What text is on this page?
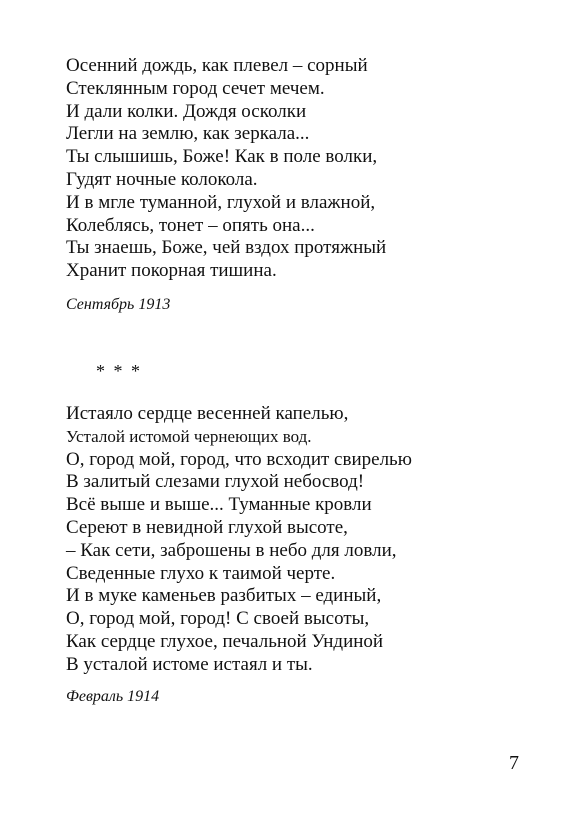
Осенний дождь, как плевел – сорный
Стеклянным город сечет мечем.
И дали колки. Дождя осколки
Легли на землю, как зеркала...
Ты слышишь, Боже! Как в поле волки,
Гудят ночные колокола.
И в мгле туманной, глухой и влажной,
Колеблясь, тонет – опять она...
Ты знаешь, Боже, чей вздох протяжный
Хранит покорная тишина.
Сентябрь 1913
* * *
Истаяло сердце весенней капелью,
Усталой истомой чернеющих вод.
О, город мой, город, что всходит свирелью
В залитый слезами глухой небосвод!
Всё выше и выше... Туманные кровли
Сереют в невидной глухой высоте,
– Как сети, заброшены в небо для ловли,
Сведенные глухо к таимой черте.
И в муке каменьев разбитых – единый,
О, город мой, город! С своей высоты,
Как сердце глухое, печальной Ундиной
В усталой истоме истаял и ты.
Февраль 1914
7
